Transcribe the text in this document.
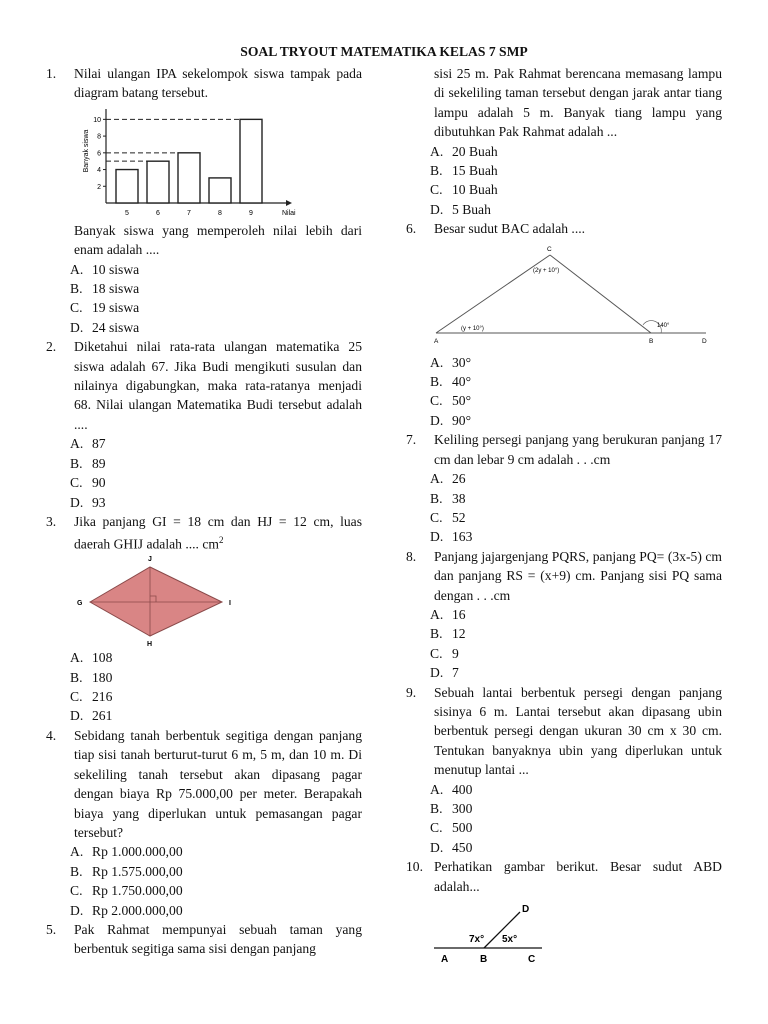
SOAL TRYOUT MATEMATIKA KELAS 7 SMP
1. Nilai ulangan IPA sekelompok siswa tampak pada diagram batang tersebut.
2
4
6
8
10
5	6	7	8	9	Nilai
Banyak siswa
Banyak siswa yang memperoleh nilai lebih dari enam adalah ....
A. 10 siswa
B. 18 siswa
C. 19 siswa
D. 24 siswa
2. Diketahui nilai rata-rata ulangan matematika 25 siswa adalah 67. Jika Budi mengikuti susulan dan nilainya digabungkan, maka rata-ratanya menjadi 68. Nilai ulangan Matematika Budi tersebut adalah ....
A. 87
B. 89
C. 90
D. 93
3. Jika panjang GI = 18 cm dan HJ = 12 cm, luas daerah GHIJ adalah .... $cm^2$
J
G	I
H
A. 108
B. 180
C. 216
D. 261
4. Sebidang tanah berbentuk segitiga dengan panjang tiap sisi tanah berturut-turut 6 m, 5 m, dan 10 m. Di sekeliling tanah tersebut akan dipasang pagar dengan biaya Rp 75.000,00 per meter. Berapakah biaya yang diperlukan untuk pemasangan pagar tersebut?
A. Rp 1.000.000,00
B. Rp 1.575.000,00
C. Rp 1.750.000,00
D. Rp 2.000.000,00
5. Pak Rahmat mempunyai sebuah taman yang berbentuk segitiga sama sisi dengan panjang
sisi 25 m. Pak Rahmat berencana memasang lampu di sekeliling taman tersebut dengan jarak antar tiang lampu adalah 5 m. Banyak tiang lampu yang dibutuhkan Pak Rahmat adalah ...
A. 20 Buah
B. 15 Buah
C. 10 Buah
D. 5 Buah
6. Besar sudut BAC adalah ....
C
A	B	D
(2y + 10°)
(y + 10°)	140°
A. 30°
B. 40°
C. 50°
D. 90°
7. Keliling persegi panjang yang berukuran panjang 17 cm dan lebar 9 cm adalah . . .cm
A. 26
B. 38
C. 52
D. 163
8. Panjang jajargenjang PQRS, panjang PQ= (3x-5) cm dan panjang RS = (x+9) cm. Panjang sisi PQ sama dengan . . .cm
A. 16
B. 12
C. 9
D. 7
9. Sebuah lantai berbentuk persegi dengan panjang sisinya 6 m. Lantai tersebut akan dipasang ubin berbentuk persegi dengan ukuran 30 cm x 30 cm. Tentukan banyaknya ubin yang diperlukan untuk menutup lantai ...
A. 400
B. 300
C. 500
D. 450
10. Perhatikan gambar berikut. Besar sudut ABD adalah...
D
A	B	C
7x° 5x°
